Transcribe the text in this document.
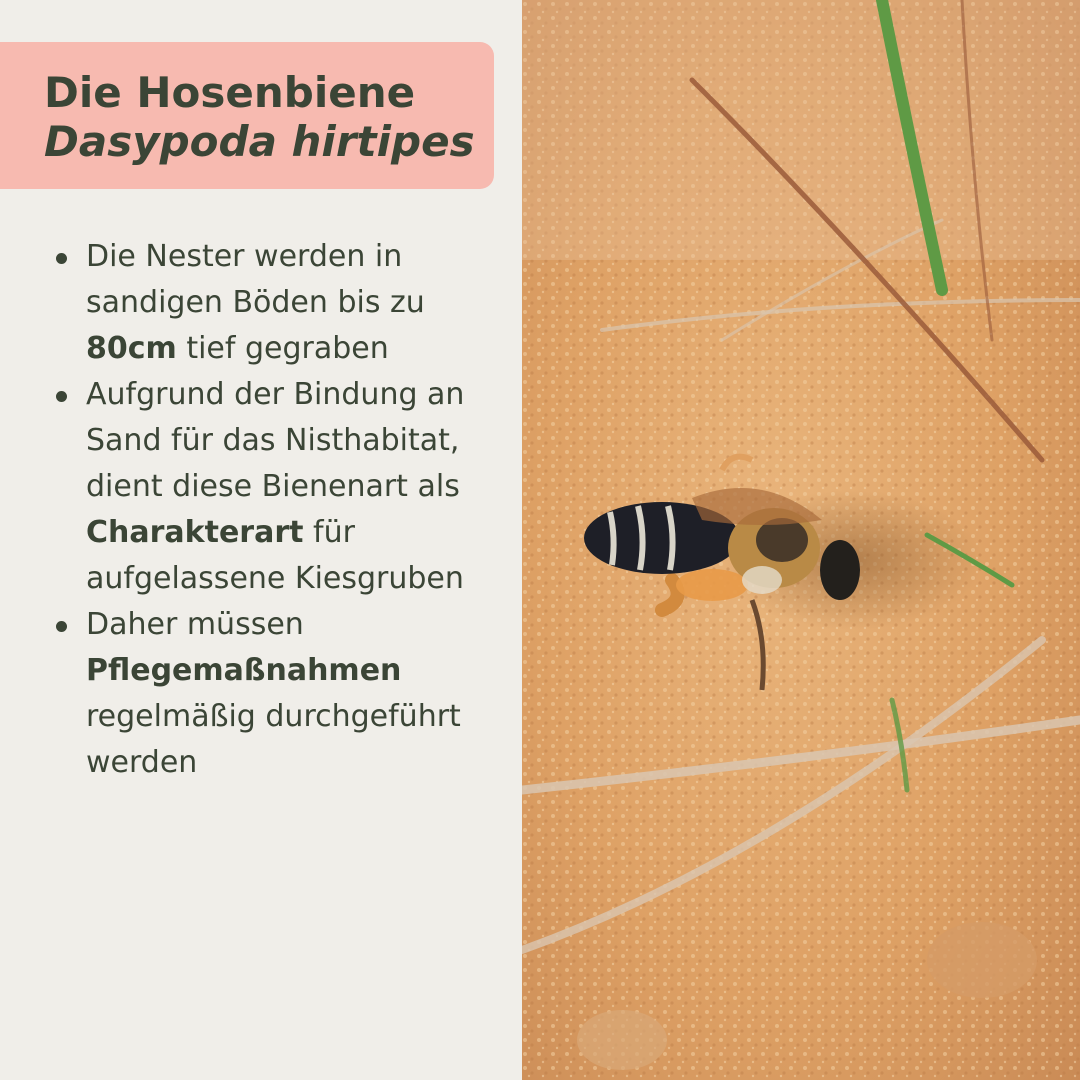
Die Hosenbiene
Dasypoda hirtipes
Die Nester werden in sandigen Böden bis zu 80cm tief gegraben
Aufgrund der Bindung an Sand für das Nisthabitat, dient diese Bienenart als Charakterart für aufgelassene Kiesgruben
Daher müssen Pflegemaßnahmen regelmäßig durchgeführt werden
